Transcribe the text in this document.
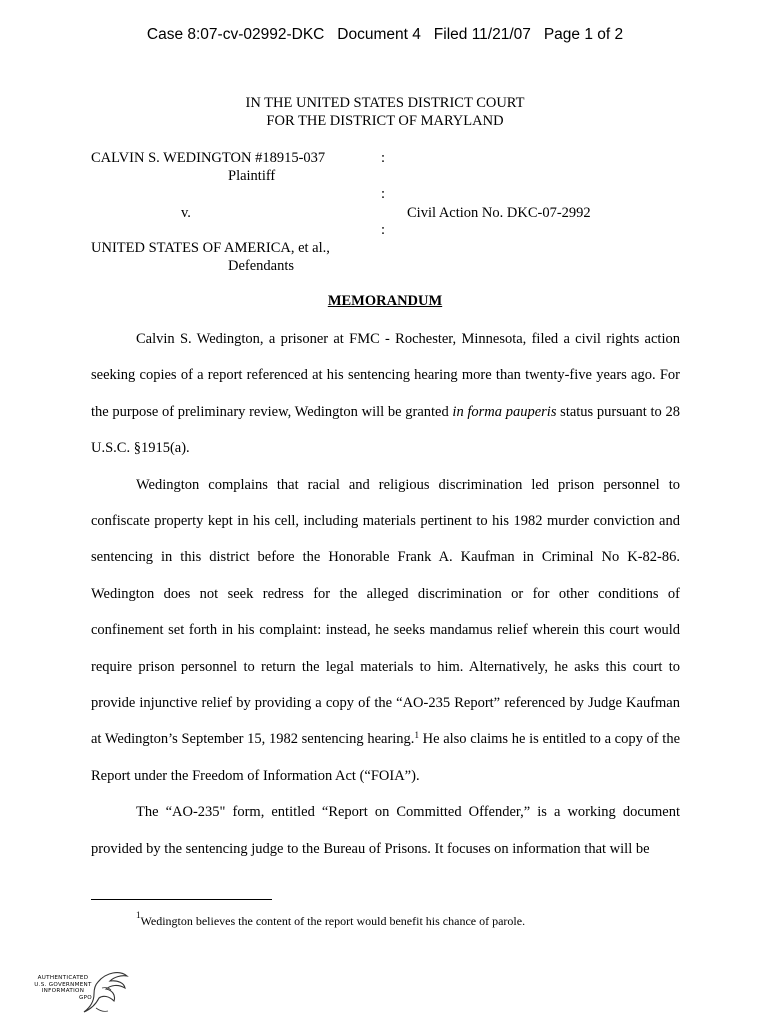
Case 8:07-cv-02992-DKC Document 4 Filed 11/21/07 Page 1 of 2
IN THE UNITED STATES DISTRICT COURT
FOR THE DISTRICT OF MARYLAND
CALVIN S. WEDINGTON #18915-037
Plaintiff
v.
UNITED STATES OF AMERICA, et al.,
Defendants
:
:
:
Civil Action No. DKC-07-2992
MEMORANDUM

Calvin S. Wedington, a prisoner at FMC - Rochester, Minnesota, filed a civil rights action seeking copies of a report referenced at his sentencing hearing more than twenty-five years ago. For the purpose of preliminary review, Wedington will be granted in forma pauperis status pursuant to 28 U.S.C. §1915(a).

Wedington complains that racial and religious discrimination led prison personnel to confiscate property kept in his cell, including materials pertinent to his 1982 murder conviction and sentencing in this district before the Honorable Frank A. Kaufman in Criminal No K-82-86. Wedington does not seek redress for the alleged discrimination or for other conditions of confinement set forth in his complaint: instead, he seeks mandamus relief wherein this court would require prison personnel to return the legal materials to him. Alternatively, he asks this court to provide injunctive relief by providing a copy of the “AO-235 Report” referenced by Judge Kaufman at Wedington’s September 15, 1982 sentencing hearing.$^1$ He also claims he is entitled to a copy of the Report under the Freedom of Information Act (“FOIA”).

The “AO-235" form, entitled “Report on Committed Offender,” is a working document provided by the sentencing judge to the Bureau of Prisons. It focuses on information that will be

$^1$Wedington believes the content of the report would benefit his chance of parole.
AUTHENTICATED
U.S. GOVERNMENT
INFORMATION
GPO
